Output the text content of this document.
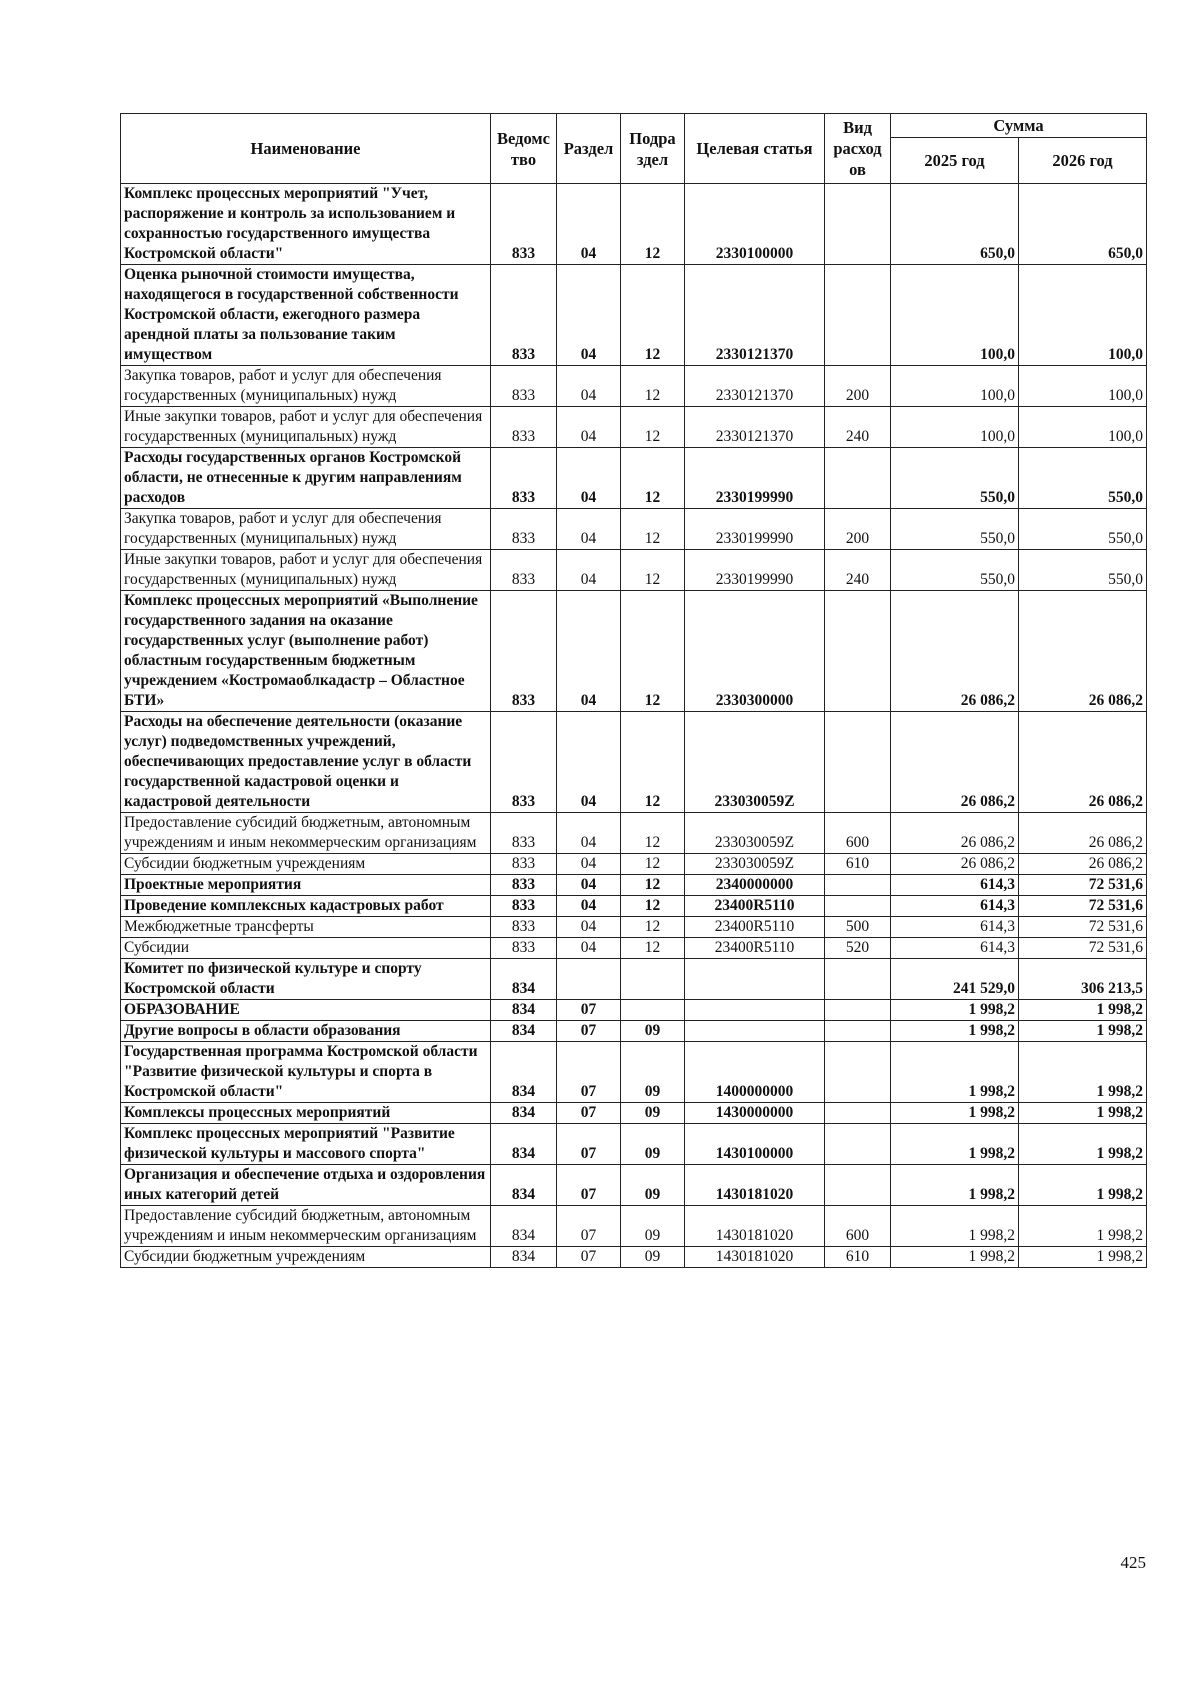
Наименование	Ведомс тво	Раздел	Подра здел	Целевая статья	Вид расход ов	Сумма	
						2025 год	2026 год
Комплекс процессных мероприятий "Учет, распоряжение и контроль за использованием и сохранностью государственного имущества Костромской области"	833	04	12	2330100000		650,0	650,0
Оценка рыночной стоимости имущества, находящегося в государственной собственности Костромской области, ежегодного размера арендной платы за пользование таким имуществом	833	04	12	2330121370		100,0	100,0
Закупка товаров, работ и услуг для обеспечения государственных (муниципальных) нужд	833	04	12	2330121370	200	100,0	100,0
Иные закупки товаров, работ и услуг для обеспечения государственных (муниципальных) нужд	833	04	12	2330121370	240	100,0	100,0
Расходы государственных органов Костромской области, не отнесенные к другим направлениям расходов	833	04	12	2330199990		550,0	550,0
Закупка товаров, работ и услуг для обеспечения государственных (муниципальных) нужд	833	04	12	2330199990	200	550,0	550,0
Иные закупки товаров, работ и услуг для обеспечения государственных (муниципальных) нужд	833	04	12	2330199990	240	550,0	550,0
Комплекс процессных мероприятий «Выполнение государственного задания на оказание государственных услуг (выполнение работ) областным государственным бюджетным учреждением «Костромаоблкадастр – Областное БТИ»	833	04	12	2330300000		26 086,2	26 086,2
Расходы на обеспечение деятельности (оказание услуг) подведомственных учреждений, обеспечивающих предоставление услуг в области государственной кадастровой оценки и кадастровой деятельности	833	04	12	233030059Z		26 086,2	26 086,2
Предоставление субсидий бюджетным, автономным учреждениям и иным некоммерческим организациям	833	04	12	233030059Z	600	26 086,2	26 086,2
Субсидии бюджетным учреждениям	833	04	12	233030059Z	610	26 086,2	26 086,2
Проектные мероприятия	833	04	12	2340000000		614,3	72 531,6
Проведение комплексных кадастровых работ	833	04	12	23400R5110		614,3	72 531,6
Межбюджетные трансферты	833	04	12	23400R5110	500	614,3	72 531,6
Субсидии	833	04	12	23400R5110	520	614,3	72 531,6
Комитет по физической культуре и спорту Костромской области	834					241 529,0	306 213,5
ОБРАЗОВАНИЕ	834	07				1 998,2	1 998,2
Другие вопросы в области образования	834	07	09			1 998,2	1 998,2
Государственная программа Костромской области "Развитие физической культуры и спорта в Костромской области"	834	07	09	1400000000		1 998,2	1 998,2
Комплексы процессных мероприятий	834	07	09	1430000000		1 998,2	1 998,2
Комплекс процессных мероприятий "Развитие физической культуры и массового спорта"	834	07	09	1430100000		1 998,2	1 998,2
Организация и обеспечение отдыха и оздоровления иных категорий детей	834	07	09	1430181020		1 998,2	1 998,2
Предоставление субсидий бюджетным, автономным учреждениям и иным некоммерческим организациям	834	07	09	1430181020	600	1 998,2	1 998,2
Субсидии бюджетным учреждениям	834	07	09	1430181020	610	1 998,2	1 998,2
425
